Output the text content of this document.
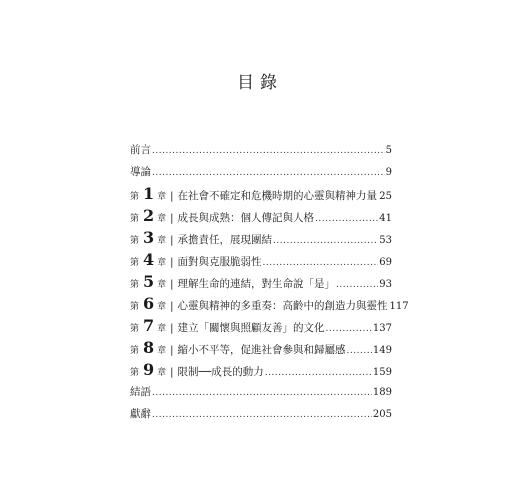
目錄
前言 .....	5
導論 .....	9
第 1 章 | 在社會不確定和危機時期的心靈與精神力量 ..... 25
第 2 章 | 成長與成熟：個人傳記與人格 .....	41
第 3 章 | 承擔責任，展現團結 .....	53
第 4 章 | 面對與克服脆弱性 .....	69
第 5 章 | 理解生命的連結，對生命說「是」 .....	93
第 6 章 | 心靈與精神的多重奏：高齡中的創造力與靈性 117
第 7 章 | 建立「關懷與照顧友善」的文化 .....	137
第 8 章 | 縮小不平等，促進社會參與和歸屬感 .....	149
第 9 章 | 限制──成長的動力 .....	159
結語 .....	189
獻辭 .....	205
